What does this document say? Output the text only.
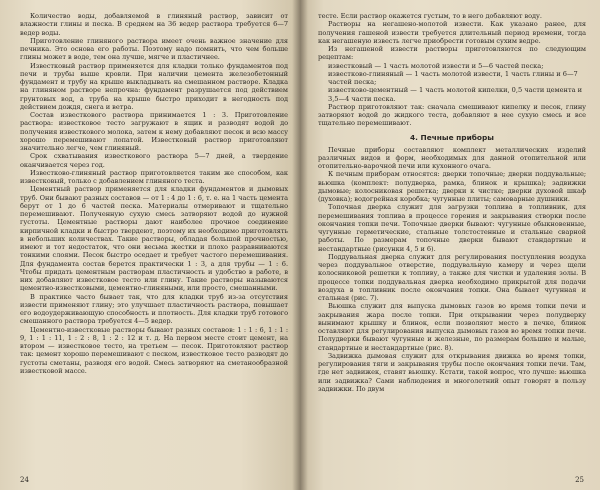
Количество воды, добавляемой в глиняный раствор, зависит от влажности глины и песка. В среднем на 36 ведер раствора требуется 6—7 ведер воды.

Приготовление глиняного раствора имеет очень важное значение для печника. Это основа его работы. Поэтому надо помнить, что чем больше глины может в воде, тем она лучше, мягче и пластичнее.

Известковый раствор применяется для кладки только фундаментов под печи и трубы выше кровли. При наличии цемента железобетонный фундамент и трубу на крыше выкладывать на смешанном растворе. Кладка на глиняном растворе непрочна: фундамент разрушается под действием грунтовых вод, а труба на крыше быстро приходит в негодность под действием дождя, снега и ветра.

Состав известкового раствора принимается 1 : 3. Приготовление раствора: известковое тесто загружают в ящик и разводят водой до получения известкового молока, затем к нему добавляют песок и всю массу хорошо перемешивают лопатой. Известковый раствор приготовляют значительно легче, чем глиняный.

Срок схватывания известкового раствора 5—7 дней, а твердение оканчивается через год.

Известково-глиняный раствор приготовляется таким же способом, как известковый, только с добавлением глиняного теста.

Цементный раствор применяется для кладки фундаментов и дымовых труб. Они бывают разных составов — от 1 : 4 до 1 : 6, т. е. на 1 часть цемента берут от 1 до 6 частей песка. Материалы отмеривают и тщательно перемешивают. Полученную сухую смесь затворяют водой до нужной густоты. Цементные растворы дают наиболее прочное соединение кирпичной кладки и быстро твердеют, поэтому их необходимо приготовлять в небольших количествах. Такие растворы, обладая большой прочностью, имеют и тот недостаток, что они весьма жестки и плохо разравниваются тонкими слоями. Песок быстро оседает и требует частого перемешивания. Для фундамента состав берется практически 1 : 3, а для трубы — 1 : 6. Чтобы придать цементным растворам пластичность и удобство в работе, в них добавляют известковое тесто или глину. Такие растворы называются цементно-известковыми, цементно-глиняными, или просто, смешанными.

В практике часто бывает так, что для кладки труб из-за отсутствия извести применяют глину; это улучшает пластичность раствора, повышает его водоудерживающую способность и плотность. Для кладки труб готового смешанного раствора требуется 4—5 ведер.

Цементно-известковые растворы бывают разных составов: 1 : 1 : 6, 1 : 1 : 9, 1 : 1 : 11, 1 : 2 : 8, 1 : 2 : 12 и т. д. На первом месте стоит цемент, на втором — известковое тесто, на третьем — песок. Приготовляют раствор так: цемент хорошо перемешивают с песком, известковое тесто разводят до густоты сметаны, разводя его водой. Смесь затворяют на сметанообразной известковой массе.

24

тесте. Если раствор окажется густым, то в него добавляют воду.

Растворы на негашено-молотой извести. Как указано ранее, для получения гашеной извести требуется длительный период времени, тогда как негашеную известь легче приобрести готовым сухим ведре.

Из негашеной извести растворы приготовляются по следующим рецептам:

известковый — 1 часть молотой извести и 5—6 частей песка;

известково-глиняный — 1 часть молотой извести, 1 часть глины и 6—7 частей песка;

известково-цементный — 1 часть молотой кипелки, 0,5 части цемента и 3,5—4 части песка.

Раствор приготовляют так: сначала смешивают кипелку и песок, глину затворяют водой до жидкого теста, добавляют в нее сухую смесь и все тщательно перемешивают.

4. Печные приборы

Печные приборы составляют комплект металлических изделий различных видов и форм, необходимых для данной отопительной или отопительно-варочной печи или кухонного очага.

К печным приборам относятся: дверки топочные; дверки поддувальные; вьюшка (комплект: полудверка, рамка, блинок и крышка); задвижки дымовые; колосниковая решетка; дверки к чистке; дверки духовой шкаф (духовка); водогрейная коробка; чугунные плиты; самоварные душники.

Топочная дверка служит для загрузки топлива в топливник, для перемешивания топлива в процессе горения и закрывания створки после окончания топки печи. Топочные дверки бывают: чугунные обыкновенные, чугунные герметические, стальные толстостенные и стальные сварной работы. По размерам топочные дверки бывают стандартные и нестандартные (рисунки 4, 5 и 6).

Поддувальная дверка служит для регулирования поступления воздуха через поддувальное отверстие, поддувальную камеру и через щели колосниковой решетки к топливу, а также для чистки и удаления золы. В процессе топки поддувальная дверка необходимо прикрытой для подачи воздуха в топливник после окончания топки. Она бывает чугунная и стальная (рис. 7).

Вьюшка служит для выпуска дымовых газов во время топки печи и закрывания жара после топки. При открывании через полудверку вынимают крышку и блинок, если позволяют место в печке, блинок оставляют для регулирования выпуска дымовых газов во время топки печи. Полудверки бывают чугунные и железные, по размерам большие и малые, стандартные и нестандартные (рис. 8).

Задвижка дымовая служит для открывания движка во время топки, регулирования тяги и закрывания трубы после окончания топки печи. Там, где нет задвижек, ставят вьюшку. Кстати, такой вопрос, что лучше: вьюшка или задвижка? Сами наблюдения и многолетний опыт говорят в пользу задвижки. По двум

25
